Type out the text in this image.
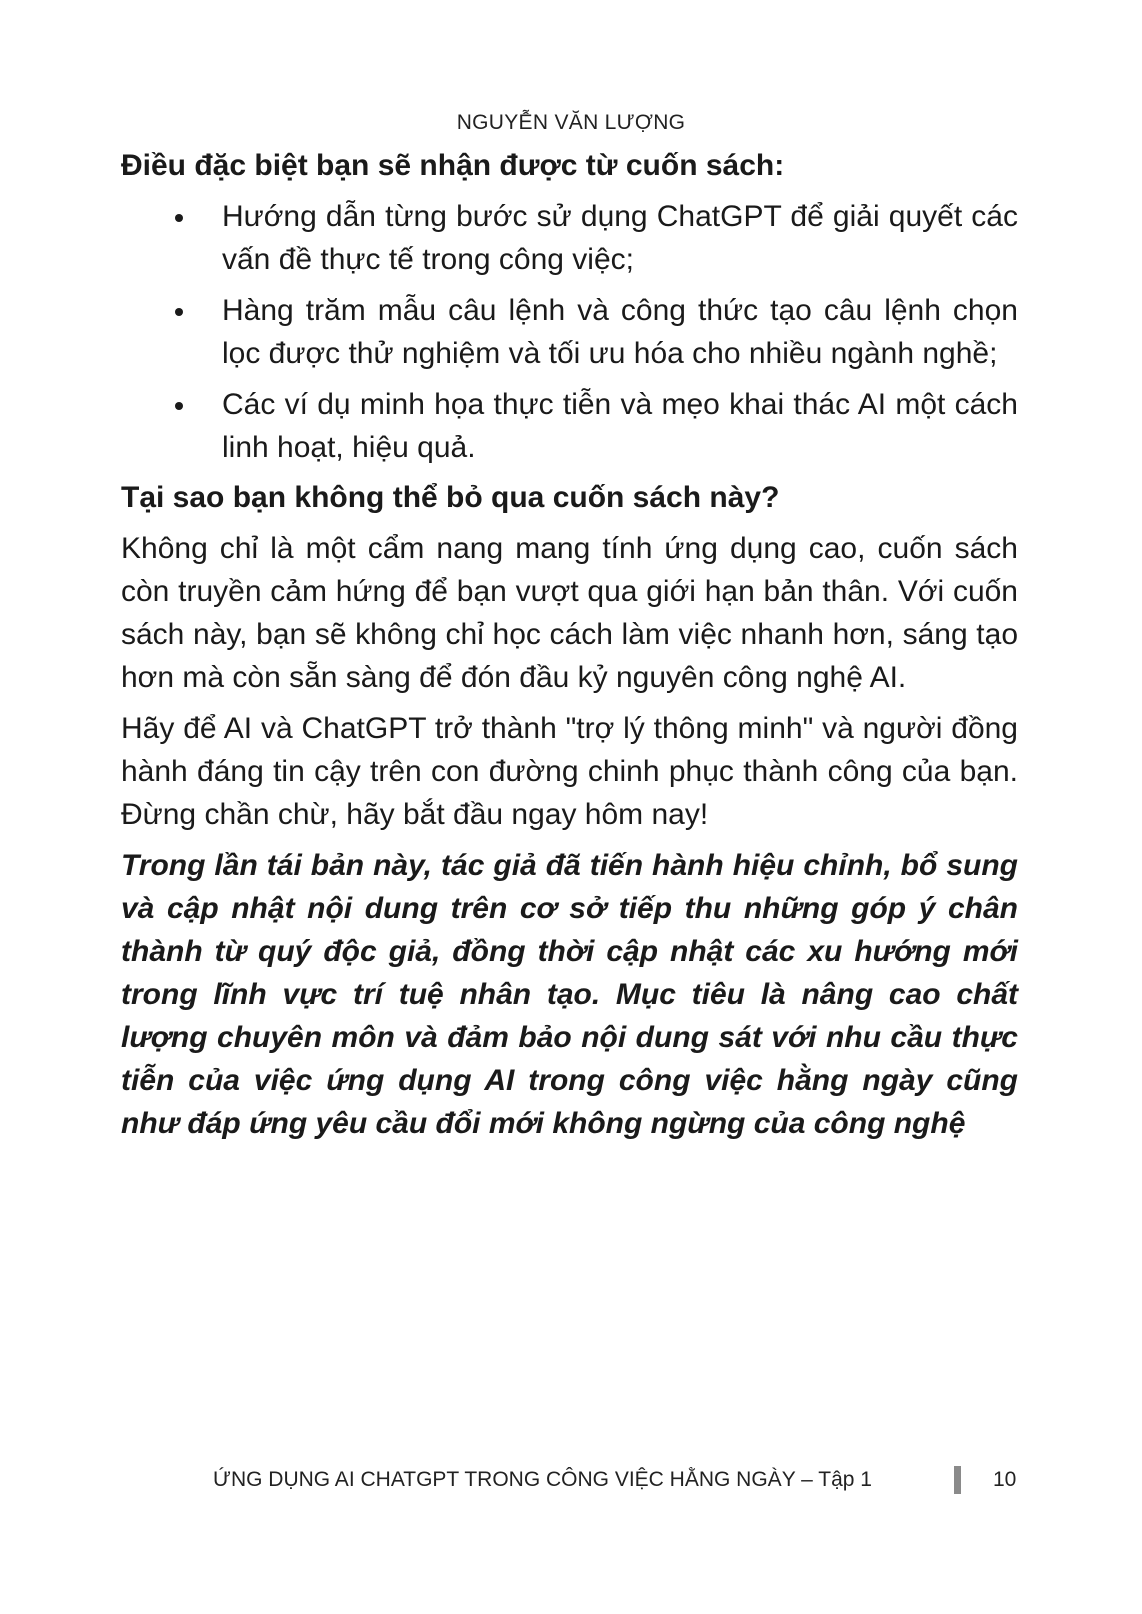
NGUYỄN VĂN LƯỢNG
Điều đặc biệt bạn sẽ nhận được từ cuốn sách:
Hướng dẫn từng bước sử dụng ChatGPT để giải quyết các vấn đề thực tế trong công việc;
Hàng trăm mẫu câu lệnh và công thức tạo câu lệnh chọn lọc được thử nghiệm và tối ưu hóa cho nhiều ngành nghề;
Các ví dụ minh họa thực tiễn và mẹo khai thác AI một cách linh hoạt, hiệu quả.
Tại sao bạn không thể bỏ qua cuốn sách này?

Không chỉ là một cẩm nang mang tính ứng dụng cao, cuốn sách còn truyền cảm hứng để bạn vượt qua giới hạn bản thân. Với cuốn sách này, bạn sẽ không chỉ học cách làm việc nhanh hơn, sáng tạo hơn mà còn sẵn sàng để đón đầu kỷ nguyên công nghệ AI.

Hãy để AI và ChatGPT trở thành "trợ lý thông minh" và người đồng hành đáng tin cậy trên con đường chinh phục thành công của bạn. Đừng chần chừ, hãy bắt đầu ngay hôm nay!

Trong lần tái bản này, tác giả đã tiến hành hiệu chỉnh, bổ sung và cập nhật nội dung trên cơ sở tiếp thu những góp ý chân thành từ quý độc giả, đồng thời cập nhật các xu hướng mới trong lĩnh vực trí tuệ nhân tạo. Mục tiêu là nâng cao chất lượng chuyên môn và đảm bảo nội dung sát với nhu cầu thực tiễn của việc ứng dụng AI trong công việc hằng ngày cũng như đáp ứng yêu cầu đổi mới không ngừng của công nghệ

ỨNG DỤNG AI CHATGPT TRONG CÔNG VIỆC HẰNG NGÀY – Tập 1	10
